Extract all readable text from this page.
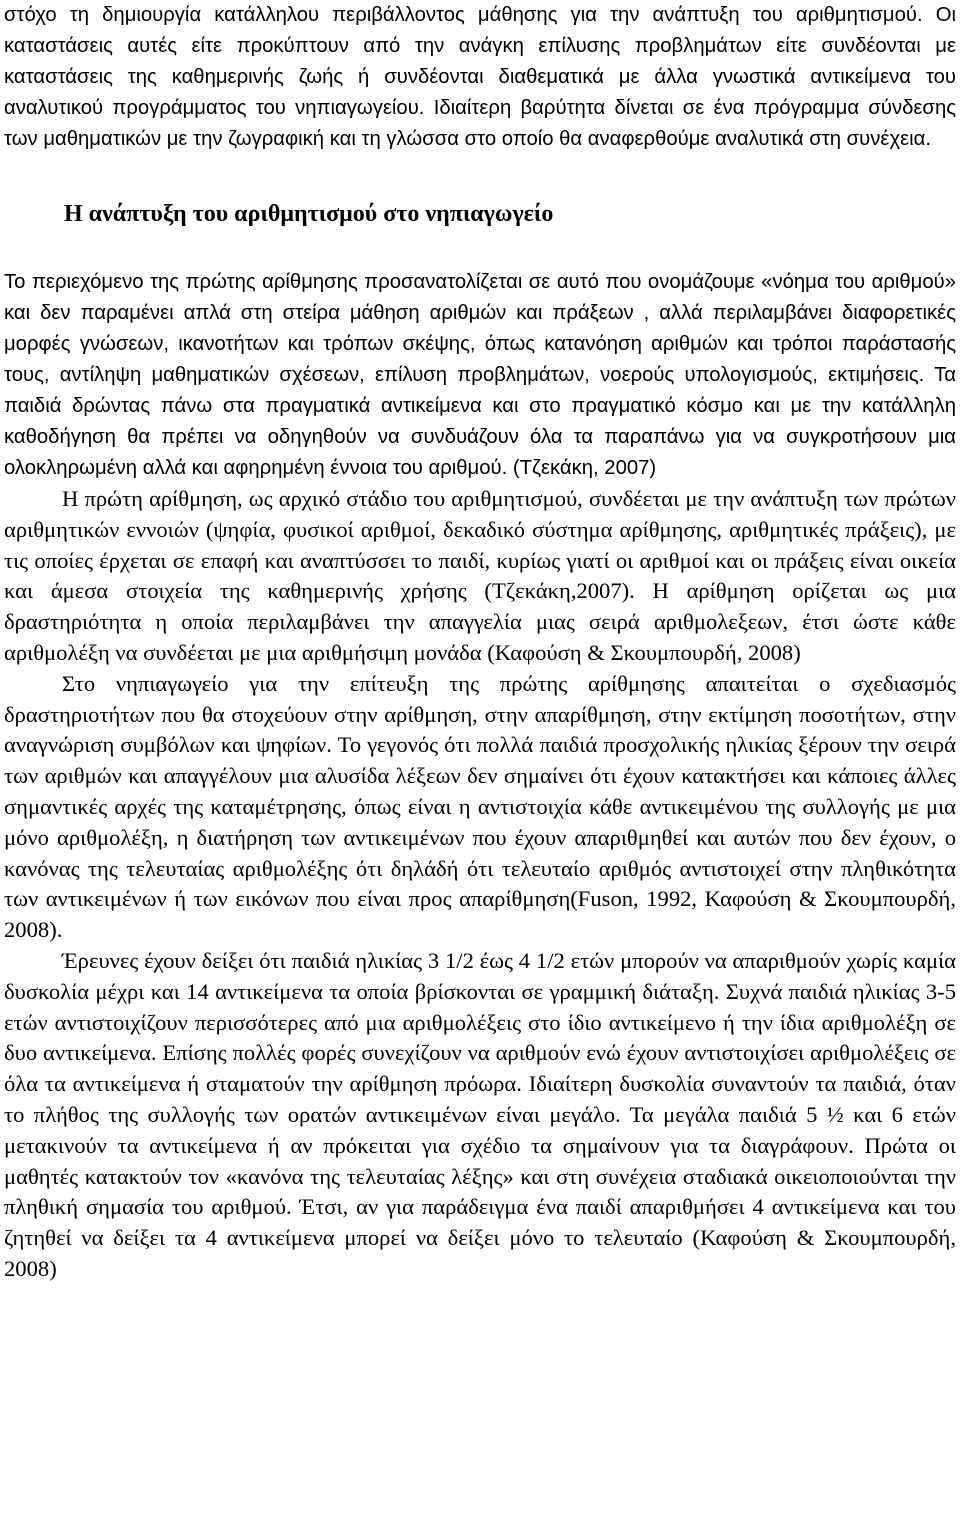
στόχο τη δημιουργία κατάλληλου περιβάλλοντος μάθησης για την ανάπτυξη του αριθμητισμού. Οι καταστάσεις αυτές είτε προκύπτουν από την ανάγκη επίλυσης προβλημάτων είτε συνδέονται με καταστάσεις της καθημερινής ζωής ή συνδέονται διαθεματικά με άλλα γνωστικά αντικείμενα του αναλυτικού προγράμματος του νηπιαγωγείου. Ιδιαίτερη βαρύτητα δίνεται σε ένα πρόγραμμα σύνδεσης των μαθηματικών με την ζωγραφική και τη γλώσσα στο οποίο θα αναφερθούμε αναλυτικά στη συνέχεια.

Η ανάπτυξη του αριθμητισμού στο νηπιαγωγείο

Το περιεχόμενο της πρώτης αρίθμησης προσανατολίζεται σε αυτό που ονομάζουμε «νόημα του αριθμού» και δεν παραμένει απλά στη στείρα μάθηση αριθμών και πράξεων , αλλά περιλαμβάνει διαφορετικές μορφές γνώσεων, ικανοτήτων και τρόπων σκέψης, όπως κατανόηση αριθμών και τρόποι παράστασής τους, αντίληψη μαθηματικών σχέσεων, επίλυση προβλημάτων, νοερούς υπολογισμούς, εκτιμήσεις. Τα παιδιά δρώντας πάνω στα πραγματικά αντικείμενα και στο πραγματικό κόσμο και με την κατάλληλη καθοδήγηση θα πρέπει να οδηγηθούν να συνδυάζουν όλα τα παραπάνω για να συγκροτήσουν μια ολοκληρωμένη αλλά και αφηρημένη έννοια του αριθμού. (Τζεκάκη, 2007)

Η πρώτη αρίθμηση, ως αρχικό στάδιο του αριθμητισμού, συνδέεται με την ανάπτυξη των πρώτων αριθμητικών εννοιών (ψηφία, φυσικοί αριθμοί, δεκαδικό σύστημα αρίθμησης, αριθμητικές πράξεις), με τις οποίες έρχεται σε επαφή και αναπτύσσει το παιδί, κυρίως γιατί οι αριθμοί και οι πράξεις είναι οικεία και άμεσα στοιχεία της καθημερινής χρήσης (Τζεκάκη,2007). Η αρίθμηση ορίζεται ως μια δραστηριότητα η οποία περιλαμβάνει την απαγγελία μιας σειρά αριθμολεξεων, έτσι ώστε κάθε αριθμολέξη να συνδέεται με μια αριθμήσιμη μονάδα (Καφούση & Σκουμπουρδή, 2008)

Στο νηπιαγωγείο για την επίτευξη της πρώτης αρίθμησης απαιτείται ο σχεδιασμός δραστηριοτήτων που θα στοχεύουν στην αρίθμηση, στην απαρίθμηση, στην εκτίμηση ποσοτήτων, στην αναγνώριση συμβόλων και ψηφίων. Το γεγονός ότι πολλά παιδιά προσχολικής ηλικίας ξέρουν την σειρά των αριθμών και απαγγέλουν μια αλυσίδα λέξεων δεν σημαίνει ότι έχουν κατακτήσει και κάποιες άλλες σημαντικές αρχές της καταμέτρησης, όπως είναι η αντιστοιχία κάθε αντικειμένου της συλλογής με μια μόνο αριθμολέξη, η διατήρηση των αντικειμένων που έχουν απαριθμηθεί και αυτών που δεν έχουν, ο κανόνας της τελευταίας αριθμολέξης ότι δηλάδή ότι τελευταίο αριθμός αντιστοιχεί στην πληθικότητα των αντικειμένων ή των εικόνων που είναι προς απαρίθμηση(Fuson, 1992, Καφούση & Σκουμπουρδή, 2008).

Έρευνες έχουν δείξει ότι παιδιά ηλικίας 3 1/2 έως 4 1/2 ετών μπορούν να απαριθμούν χωρίς καμία δυσκολία μέχρι και 14 αντικείμενα τα οποία βρίσκονται σε γραμμική διάταξη. Συχνά παιδιά ηλικίας 3-5 ετών αντιστοιχίζουν περισσότερες από μια αριθμολέξεις στο ίδιο αντικείμενο ή την ίδια αριθμολέξη σε δυο αντικείμενα. Επίσης πολλές φορές συνεχίζουν να αριθμούν ενώ έχουν αντιστοιχίσει αριθμολέξεις σε όλα τα αντικείμενα ή σταματούν την αρίθμηση πρόωρα. Ιδιαίτερη δυσκολία συναντούν τα παιδιά, όταν το πλήθος της συλλογής των ορατών αντικειμένων είναι μεγάλο. Τα μεγάλα παιδιά 5 ½ και 6 ετών μετακινούν τα αντικείμενα ή αν πρόκειται για σχέδιο τα σημαίνουν για τα διαγράφουν. Πρώτα οι μαθητές κατακτούν τον «κανόνα της τελευταίας λέξης» και στη συνέχεια σταδιακά οικειοποιούνται την πληθική σημασία του αριθμού. Έτσι, αν για παράδειγμα ένα παιδί απαριθμήσει 4 αντικείμενα και του ζητηθεί να δείξει τα 4 αντικείμενα μπορεί να δείξει μόνο το τελευταίο (Καφούση & Σκουμπουρδή, 2008)
